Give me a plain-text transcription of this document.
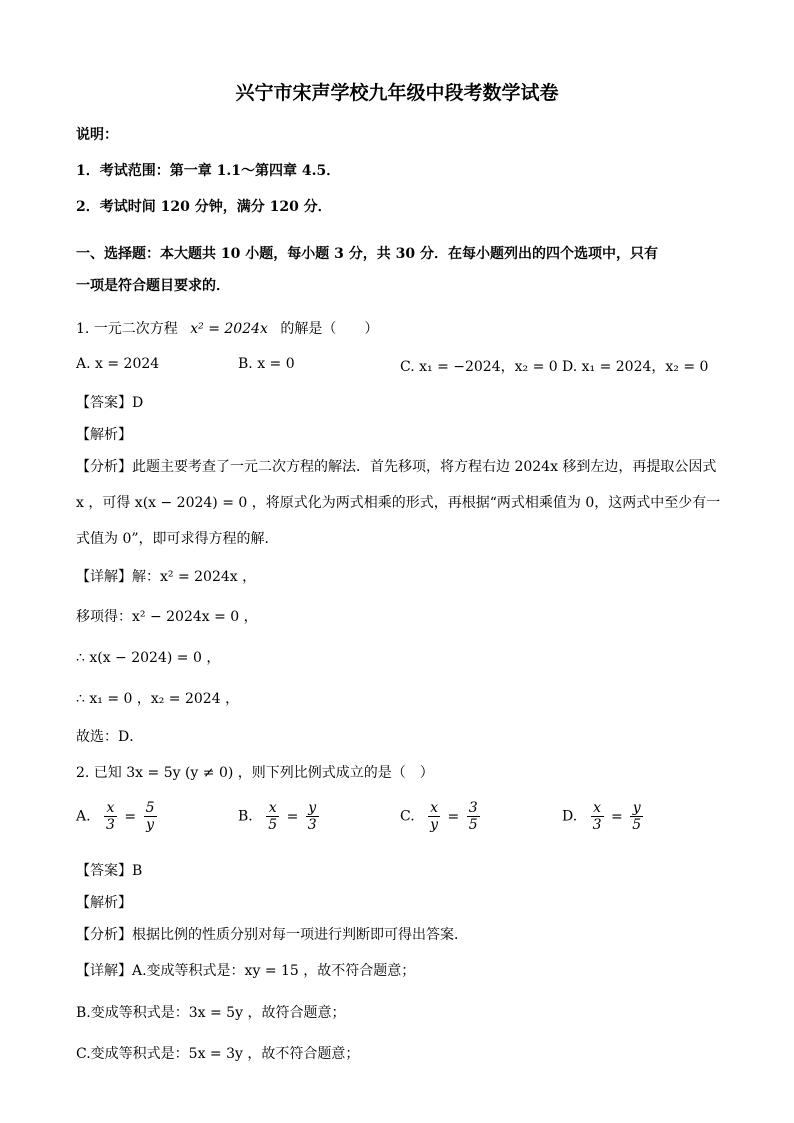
兴宁市宋声学校九年级中段考数学试卷
说明：
1．考试范围：第一章 1.1～第四章 4.5．
2．考试时间 120 分钟，满分 120 分．
一、选择题：本大题共 10 小题，每小题 3 分，共 30 分．在每小题列出的四个选项中，只有
一项是符合题目要求的．
1. 一元二次方程 x² = 2024x 的解是（　　）
A. x = 2024	B. x = 0	C. x₁ = −2024，x₂ = 0 D. x₁ = 2024，x₂ = 0
【答案】D
【解析】
【分析】此题主要考查了一元二次方程的解法．首先移项，将方程右边 2024x 移到左边，再提取公因式
x ，可得 x(x − 2024) = 0 ，将原式化为两式相乘的形式，再根据“两式相乘值为 0，这两式中至少有一
式值为 0”，即可求得方程的解．
【详解】解：x² = 2024x ，
移项得：x² − 2024x = 0 ，
∴ x(x − 2024) = 0 ，
∴ x₁ = 0 ，x₂ = 2024 ，
故选：D．
2. 已知 3x = 5y (y ≠ 0) ，则下列比例式成立的是（　）
A. $\frac{x}{3} = \frac{5}{y}$	B. $\frac{x}{5} = \frac{y}{3}$	C. $\frac{x}{y} = \frac{3}{5}$	D. $\frac{x}{3} = \frac{y}{5}$
【答案】B
【解析】
【分析】根据比例的性质分别对每一项进行判断即可得出答案．
【详解】A.变成等积式是：xy = 15 ，故不符合题意；
B.变成等积式是：3x = 5y ，故符合题意；
C.变成等积式是：5x = 3y ，故不符合题意；
